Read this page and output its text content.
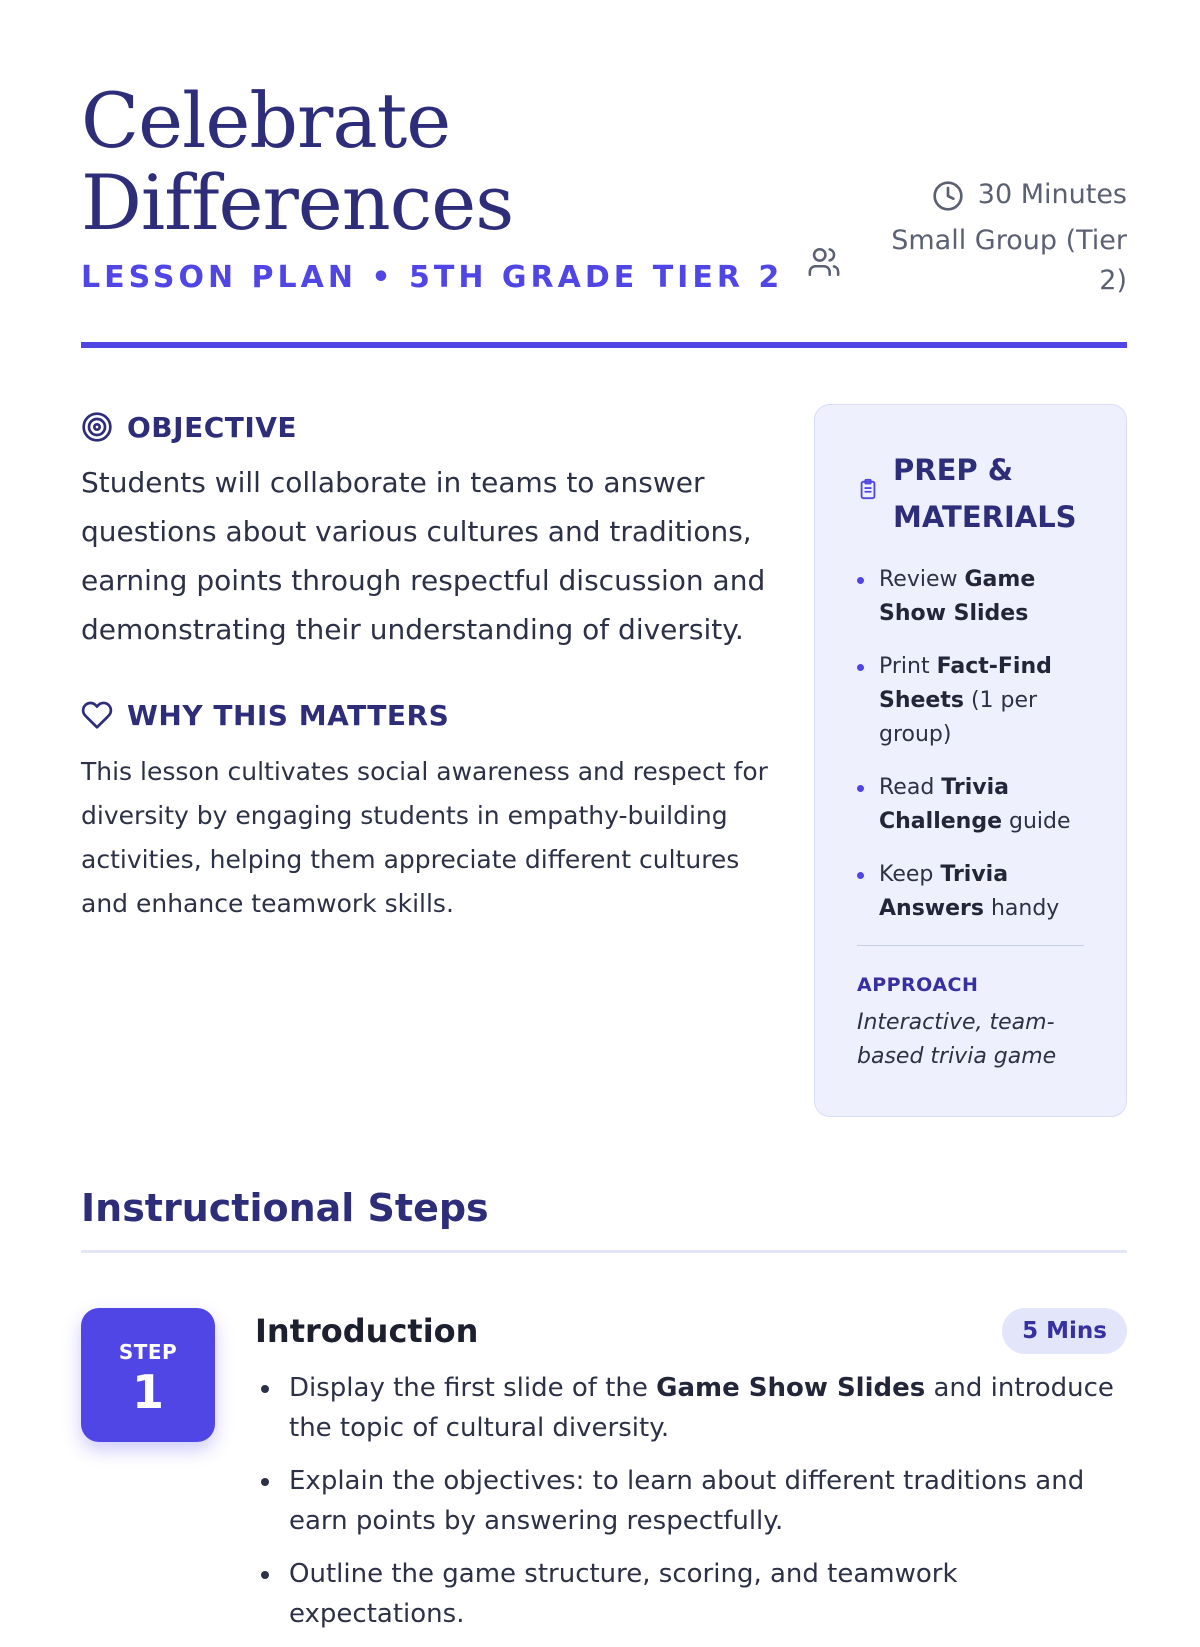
Celebrate
Differences
LESSON PLAN • 5TH GRADE TIER 2
30 Minutes
Small Group (Tier 2)
OBJECTIVE
Students will collaborate in teams to answer questions about various cultures and traditions, earning points through respectful discussion and demonstrating their understanding of diversity.
WHY THIS MATTERS
This lesson cultivates social awareness and respect for diversity by engaging students in empathy-building activities, helping them appreciate different cultures and enhance teamwork skills.
PREP & MATERIALS
Review Game Show Slides
Print Fact-Find Sheets (1 per group)
Read Trivia Challenge guide
Keep Trivia Answers handy
APPROACH
Interactive, team-based trivia game
Instructional Steps
STEP
1
Introduction	5 Mins
Display the first slide of the Game Show Slides and introduce the topic of cultural diversity.
Explain the objectives: to learn about different traditions and earn points by answering respectfully.
Outline the game structure, scoring, and teamwork expectations.
